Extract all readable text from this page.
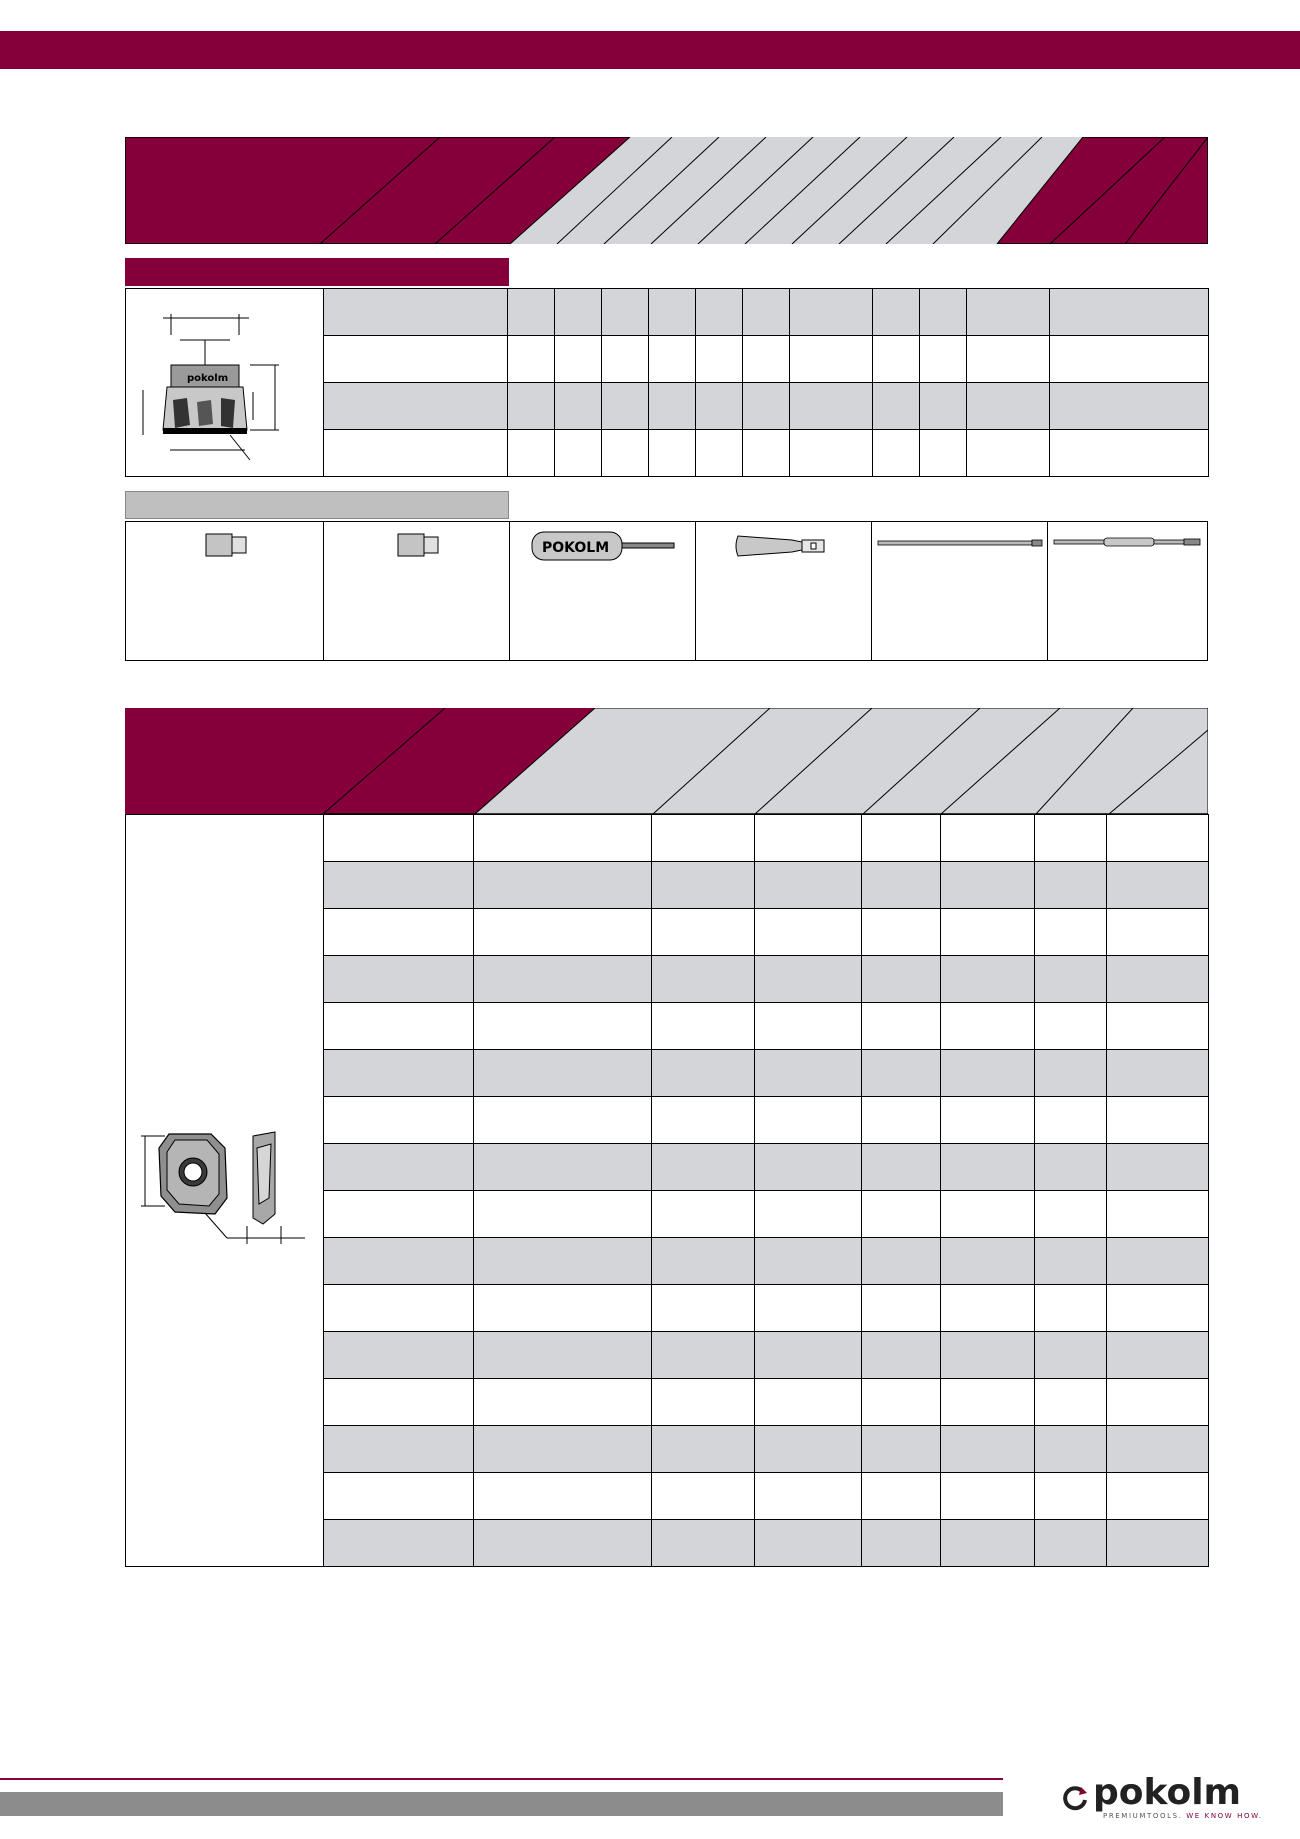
pokolm												

POKOLM

pokolm
PREMIUMTOOLS. WE KNOW HOW.
